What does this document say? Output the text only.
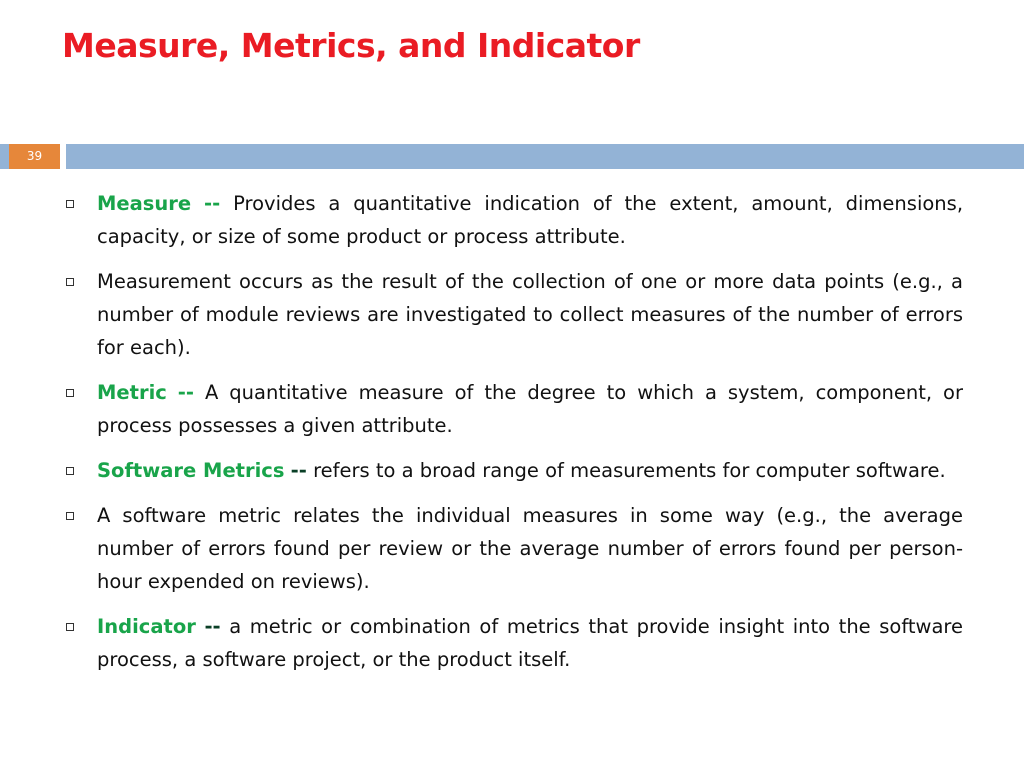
Measure, Metrics, and Indicator
39
Measure -- Provides a quantitative indication of the extent, amount, dimensions, capacity, or size of some product or process attribute.
Measurement occurs as the result of the collection of one or more data points (e.g., a number of module reviews are investigated to collect measures of the number of errors for each).
Metric -- A quantitative measure of the degree to which a system, component, or process possesses a given attribute.
Software Metrics -- refers to a broad range of measurements for computer software.
A software metric relates the individual measures in some way (e.g., the average number of errors found per review or the average number of errors found per person-hour expended on reviews).
Indicator -- a metric or combination of metrics that provide insight into the software process, a software project, or the product itself.
